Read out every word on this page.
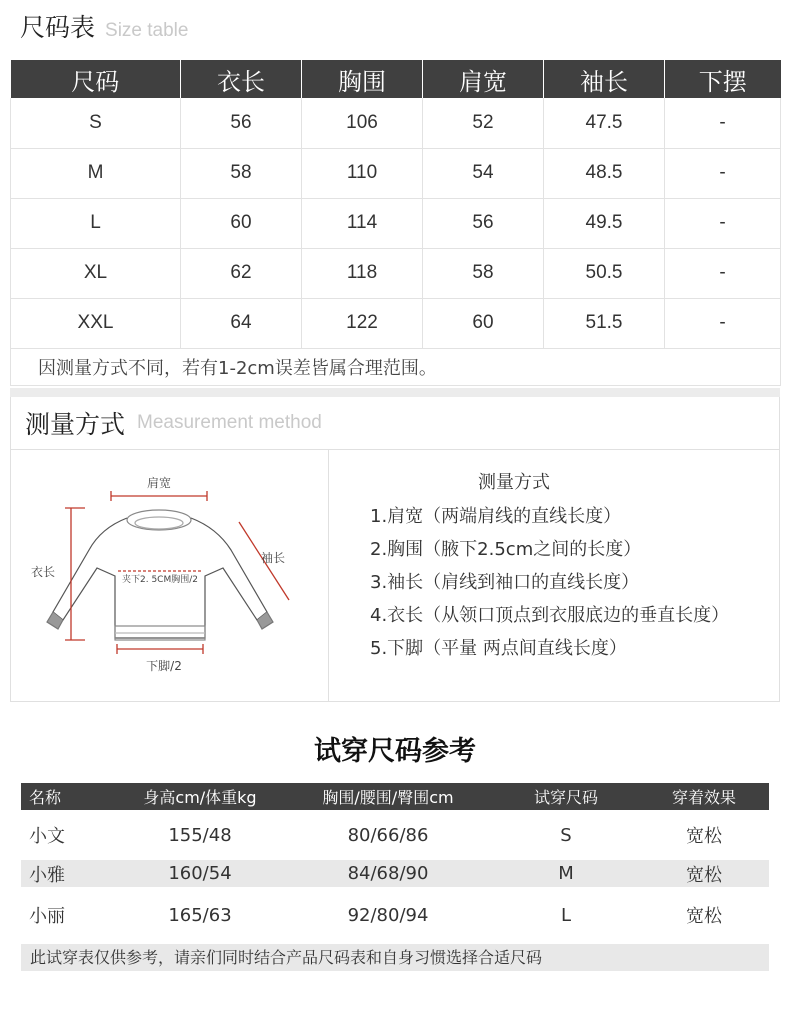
尺码表 Size table
尺码	衣长	胸围	肩宽	袖长	下摆
S	56	106	52	47.5	-
M	58	110	54	48.5	-
L	60	114	56	49.5	-
XL	62	118	58	50.5	-
XXL	64	122	60	51.5	-
因测量方式不同，若有1-2cm误差皆属合理范围。					
测量方式 Measurement method
肩宽
衣长
袖长
夹下2. 5CM胸围/2
下脚/2
测量方式
1.肩宽（两端肩线的直线长度）
2.胸围（腋下2.5cm之间的长度）
3.袖长（肩线到袖口的直线长度）
4.衣长（从领口顶点到衣服底边的垂直长度）
5.下脚（平量 两点间直线长度）
试穿尺码参考
名称	身高cm/体重kg	胸围/腰围/臀围cm	试穿尺码	穿着效果
小文	155/48	80/66/86	S	宽松
小雅	160/54	84/68/90	M	宽松
小丽	165/63	92/80/94	L	宽松
此试穿表仅供参考，请亲们同时结合产品尺码表和自身习惯选择合适尺码
